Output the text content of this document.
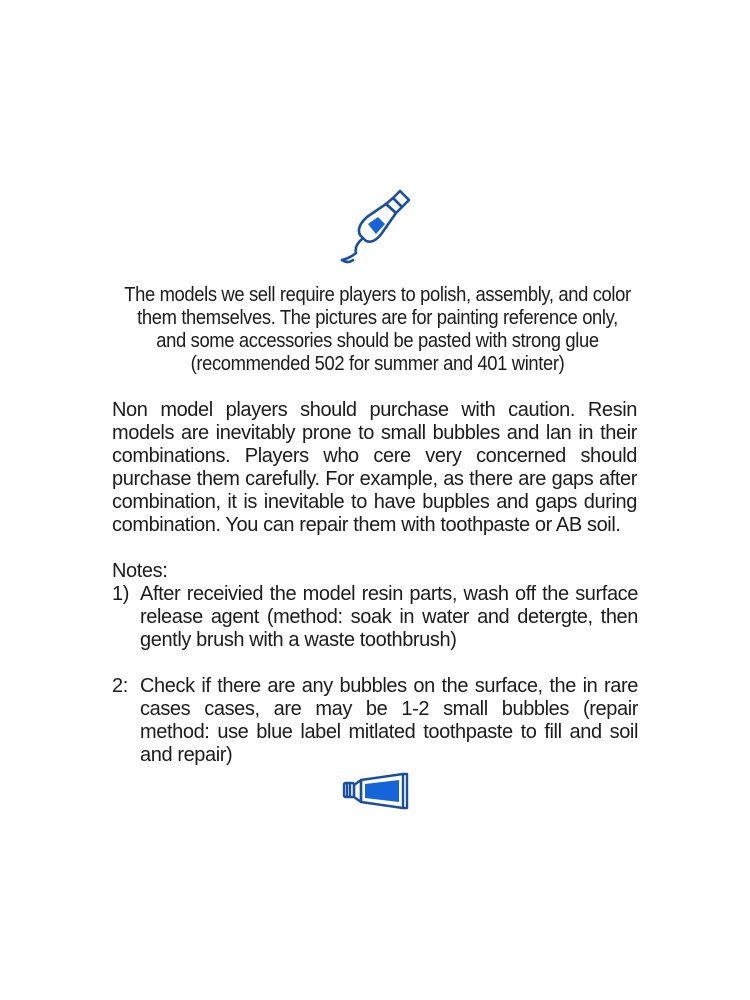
The models we sell require players to polish, assembly, and color them themselves. The pictures are for painting reference only, and some accessories should be pasted with strong glue (recommended 502 for summer and 401 winter)

Non model players should purchase with caution. Resin models are inevitably prone to small bubbles and lan in their combinations. Players who cere very concerned should purchase them carefully. For example, as there are gaps after combination, it is inevitable to have bupbles and gaps during combination. You can repair them with toothpaste or AB soil.

Notes:

1) After receivied the model resin parts, wash off the surface release agent (method: soak in water and detergte, then gently brush with a waste toothbrush)
2: Check if there are any bubbles on the surface, the in rare cases cases, are may be 1-2 small bubbles (repair method: use blue label mitlated toothpaste to fill and soil and repair)
